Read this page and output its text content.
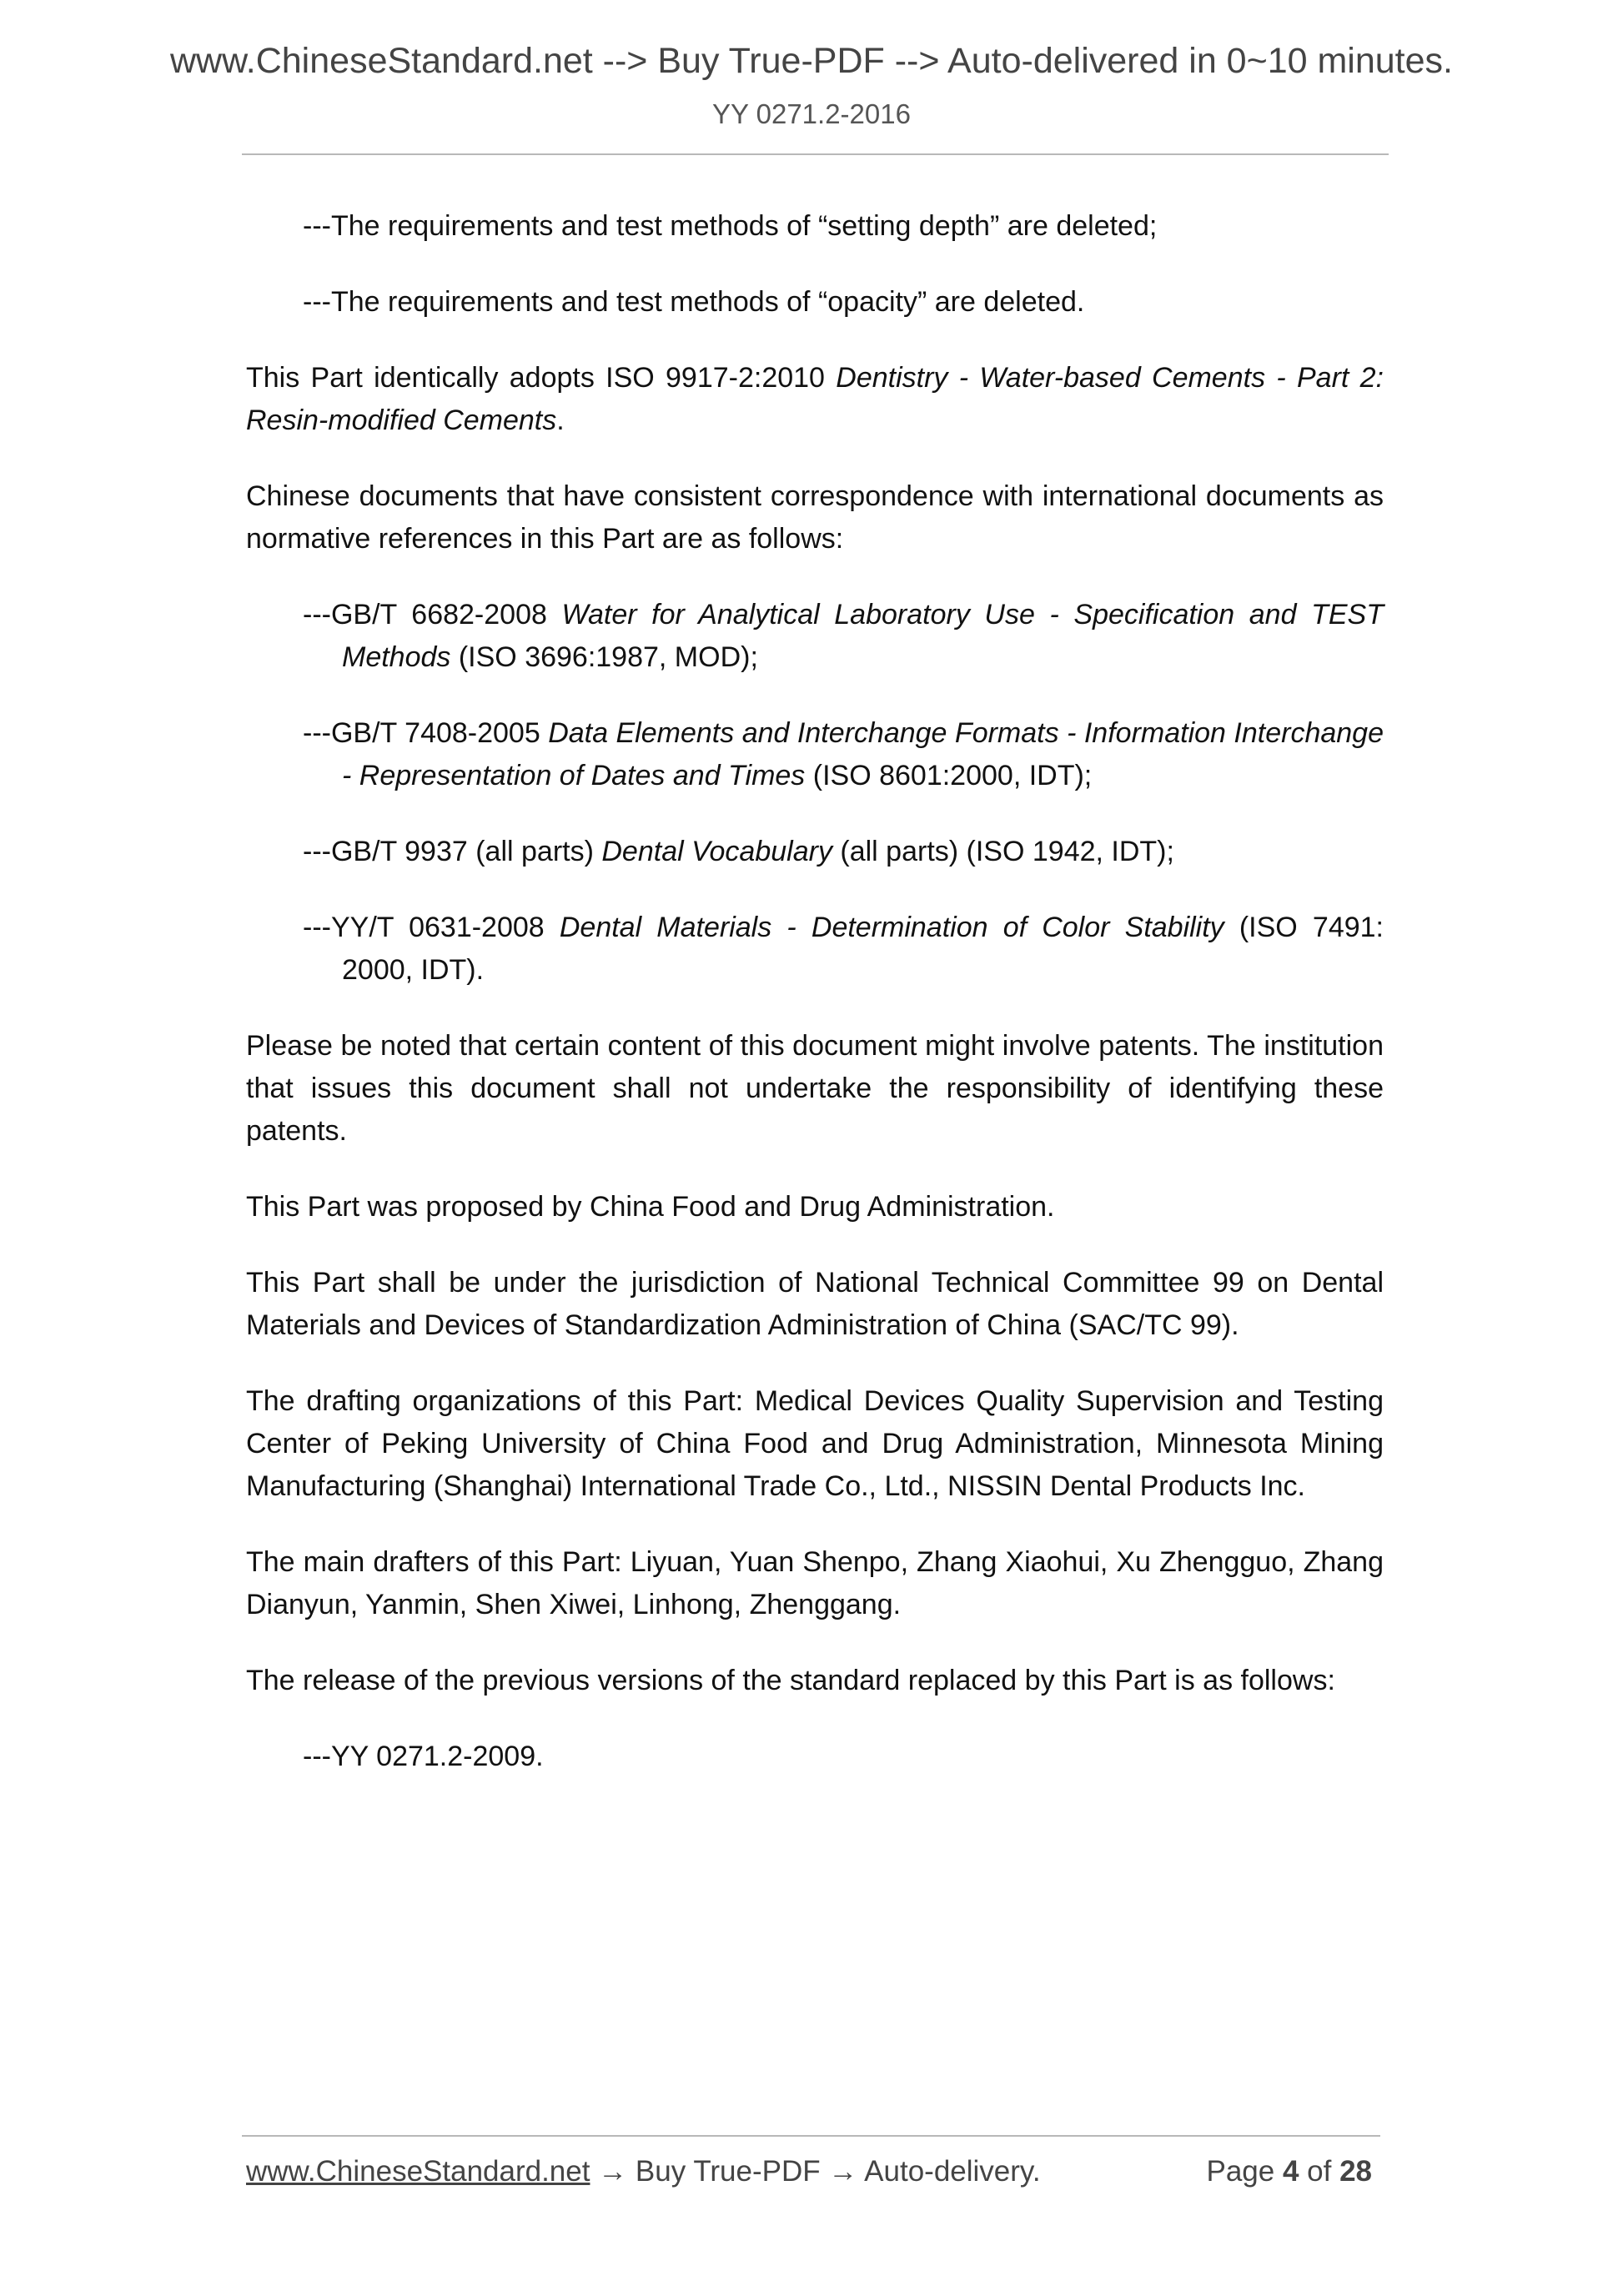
www.ChineseStandard.net --> Buy True-PDF --> Auto-delivered in 0~10 minutes.
YY 0271.2-2016

---The requirements and test methods of “setting depth” are deleted;

---The requirements and test methods of “opacity” are deleted.

This Part identically adopts ISO 9917-2:2010 Dentistry - Water-based Cements - Part 2: Resin-modified Cements.

Chinese documents that have consistent correspondence with international documents as normative references in this Part are as follows:

---GB/T 6682-2008 Water for Analytical Laboratory Use - Specification and TEST Methods (ISO 3696:1987, MOD);

---GB/T 7408-2005 Data Elements and Interchange Formats - Information Interchange - Representation of Dates and Times (ISO 8601:2000, IDT);

---GB/T 9937 (all parts) Dental Vocabulary (all parts) (ISO 1942, IDT);

---YY/T 0631-2008 Dental Materials - Determination of Color Stability (ISO 7491: 2000, IDT).

Please be noted that certain content of this document might involve patents. The institution that issues this document shall not undertake the responsibility of identifying these patents.

This Part was proposed by China Food and Drug Administration.

This Part shall be under the jurisdiction of National Technical Committee 99 on Dental Materials and Devices of Standardization Administration of China (SAC/TC 99).

The drafting organizations of this Part: Medical Devices Quality Supervision and Testing Center of Peking University of China Food and Drug Administration, Minnesota Mining Manufacturing (Shanghai) International Trade Co., Ltd., NISSIN Dental Products Inc.

The main drafters of this Part: Liyuan, Yuan Shenpo, Zhang Xiaohui, Xu Zhengguo, Zhang Dianyun, Yanmin, Shen Xiwei, Linhong, Zhenggang.

The release of the previous versions of the standard replaced by this Part is as follows:

---YY 0271.2-2009.

www.ChineseStandard.net → Buy True-PDF → Auto-delivery.	Page 4 of 28
